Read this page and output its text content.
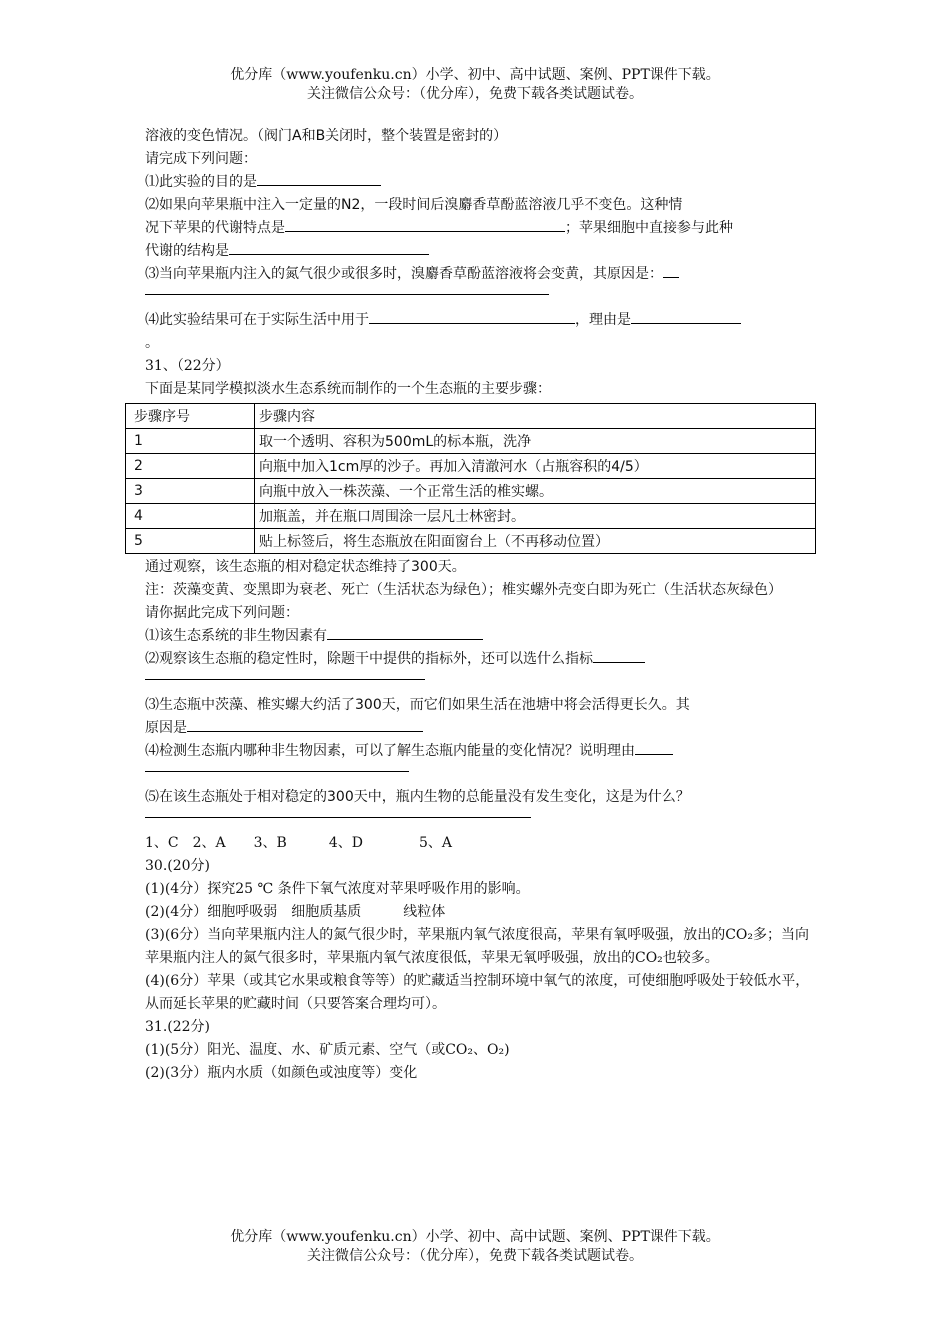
优分库（www.youfenku.cn）小学、初中、高中试题、案例、PPT课件下载。
关注微信公众号：（优分库），免费下载各类试题试卷。

溶液的变色情况。（阀门A和B关闭时，整个装置是密封的）

请完成下列问题：

⑴此实验的目的是

⑵如果向苹果瓶中注入一定量的N2，一段时间后溴麝香草酚蓝溶液几乎不变色。这种情

况下苹果的代谢特点是	；苹果细胞中直接参与此种

代谢的结构是

⑶当向苹果瓶内注入的氮气很少或很多时，溴麝香草酚蓝溶液将会变黄，其原因是：

⑷此实验结果可在于实际生活中用于	，理由是

。

31、（22分）

下面是某同学模拟淡水生态系统而制作的一个生态瓶的主要步骤：

步骤序号	步骤内容
1	取一个透明、容积为500mL的标本瓶，洗净
2	向瓶中加入1cm厚的沙子。再加入清澈河水（占瓶容积的4/5）
3	向瓶中放入一株茨藻、一个正常生活的椎实螺。
4	加瓶盖，并在瓶口周围涂一层凡士林密封。
5	贴上标签后，将生态瓶放在阳面窗台上（不再移动位置）

通过观察，该生态瓶的相对稳定状态维持了300天。

注：茨藻变黄、变黑即为衰老、死亡（生活状态为绿色）；椎实螺外壳变白即为死亡（生活状态灰绿色）

请你据此完成下列问题：

⑴该生态系统的非生物因素有

⑵观察该生态瓶的稳定性时，除题干中提供的指标外，还可以选什么指标

⑶生态瓶中茨藻、椎实螺大约活了300天，而它们如果生活在池塘中将会活得更长久。其

原因是

⑷检测生态瓶内哪种非生物因素，可以了解生态瓶内能量的变化情况？说明理由

⑸在该生态瓶处于相对稳定的300天中，瓶内生物的总能量没有发生变化，这是为什么？

1、C　2、A　　3、B　　　4、D　　　　5、A

30.(20分)

(1)(4分）探究25 ℃ 条件下氧气浓度对苹果呼吸作用的影响。

(2)(4分）细胞呼吸弱　细胞质基质　　　线粒体

(3)(6分）当向苹果瓶内注人的氮气很少时，苹果瓶内氧气浓度很高，苹果有氧呼吸强，放出的CO₂多；当向苹果瓶内注人的氮气很多时，苹果瓶内氧气浓度很低，苹果无氧呼吸强，放出的CO₂也较多。

(4)(6分）苹果（或其它水果或粮食等等）的贮藏适当控制环境中氧气的浓度，可使细胞呼吸处于较低水平，从而延长苹果的贮藏时间（只要答案合理均可）。

31.(22分)

(1)(5分）阳光、温度、水、矿质元素、空气（或CO₂、O₂)

(2)(3分）瓶内水质（如颜色或浊度等）变化

优分库（www.youfenku.cn）小学、初中、高中试题、案例、PPT课件下载。
关注微信公众号：（优分库），免费下载各类试题试卷。
